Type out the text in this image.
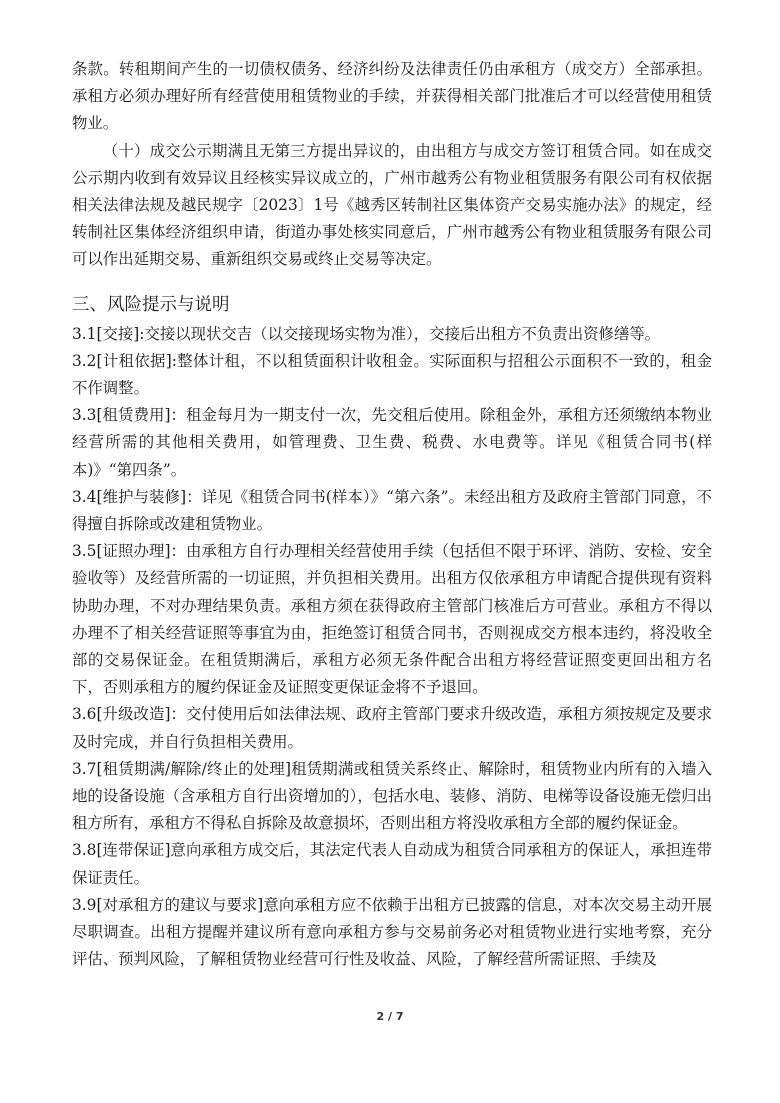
条款。转租期间产生的一切债权债务、经济纠纷及法律责任仍由承租方（成交方）全部承担。承租方必须办理好所有经营使用租赁物业的手续，并获得相关部门批准后才可以经营使用租赁物业。

（十）成交公示期满且无第三方提出异议的，由出租方与成交方签订租赁合同。如在成交公示期内收到有效异议且经核实异议成立的，广州市越秀公有物业租赁服务有限公司有权依据相关法律法规及越民规字〔2023〕1号《越秀区转制社区集体资产交易实施办法》的规定，经转制社区集体经济组织申请，街道办事处核实同意后，广州市越秀公有物业租赁服务有限公司可以作出延期交易、重新组织交易或终止交易等决定。

三、风险提示与说明

3.1[交接]:交接以现状交吉（以交接现场实物为准），交接后出租方不负责出资修缮等。

3.2[计租依据]:整体计租，不以租赁面积计收租金。实际面积与招租公示面积不一致的，租金不作调整。

3.3[租赁费用]：租金每月为一期支付一次，先交租后使用。除租金外，承租方还须缴纳本物业经营所需的其他相关费用，如管理费、卫生费、税费、水电费等。详见《租赁合同书(样本)》“第四条”。

3.4[维护与装修]：详见《租赁合同书(样本）》“第六条”。未经出租方及政府主管部门同意，不得擅自拆除或改建租赁物业。

3.5[证照办理]：由承租方自行办理相关经营使用手续（包括但不限于环评、消防、安检、安全验收等）及经营所需的一切证照，并负担相关费用。出租方仅依承租方申请配合提供现有资料协助办理，不对办理结果负责。承租方须在获得政府主管部门核准后方可营业。承租方不得以办理不了相关经营证照等事宜为由，拒绝签订租赁合同书，否则视成交方根本违约，将没收全部的交易保证金。在租赁期满后，承租方必须无条件配合出租方将经营证照变更回出租方名下，否则承租方的履约保证金及证照变更保证金将不予退回。

3.6[升级改造]：交付使用后如法律法规、政府主管部门要求升级改造，承租方须按规定及要求及时完成，并自行负担相关费用。

3.7[租赁期满/解除/终止的处理]租赁期满或租赁关系终止、解除时，租赁物业内所有的入墙入地的设备设施（含承租方自行出资增加的），包括水电、装修、消防、电梯等设备设施无偿归出租方所有，承租方不得私自拆除及故意损坏，否则出租方将没收承租方全部的履约保证金。

3.8[连带保证]意向承租方成交后，其法定代表人自动成为租赁合同承租方的保证人，承担连带保证责任。

3.9[对承租方的建议与要求]意向承租方应不依赖于出租方已披露的信息，对本次交易主动开展尽职调查。出租方提醒并建议所有意向承租方参与交易前务必对租赁物业进行实地考察，充分评估、预判风险，了解租赁物业经营可行性及收益、风险，了解经营所需证照、手续及

2 / 7
